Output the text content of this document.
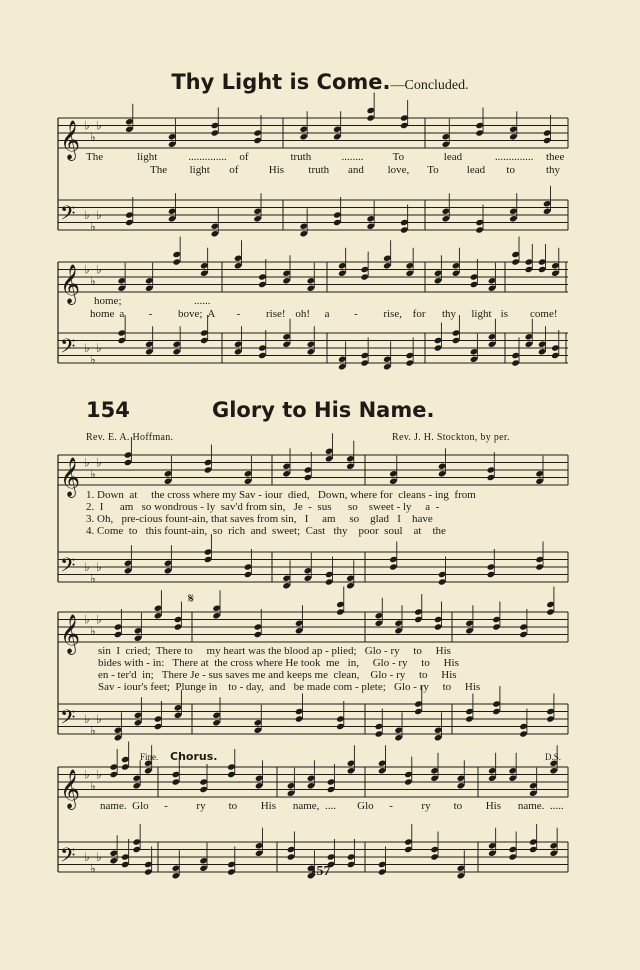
Thy Light is Come.—Concluded.
154	Glory to His Name.
Rev. E. A. Hoffman.	Rev. J. H. Stockton, by per.
𝄞
𝄢
♭
♭
♭
♭
♭
♭
𝄞
𝄢
♭
♭
♭
♭
♭
♭
𝄞
𝄢
♭
♭
♭
♭
♭
♭
𝄞
𝄢
♭
♭
♭
♭
♭
♭
𝄞
𝄢
♭
♭
♭
♭
♭
♭
The	light	.............. of	truth	........	To	lead	.............. thee
The light of	His truth and love, To	lead to	thy
home;	......
home a - bove; A - rise! oh! a - rise, for thy light is come!
1. Down  at     the cross where my Sav - iour  died,   Down, where for  cleans - ing  from
2.  I      am   so wondrous - ly  sav'd from sin,   Je  -  sus      so    sweet - ly     a  -
3. Oh,   pre-cious fount-ain, that saves from sin,   I     am     so    glad   I    have
4. Come  to   this fount-ain,  so  rich  and  sweet;  Cast   thy    poor  soul    at    the
sin  I  cried;  There to     my heart was the blood ap - plied;   Glo - ry     to     His
bides with - in:   There at  the cross where He took  me   in,     Glo - ry     to     His
en - ter'd  in;   There Je - sus saves me and keeps me  clean,    Glo - ry     to     His
Sav - iour's feet;  Plunge in    to - day,  and   be made com - plete;   Glo - ry     to     His
𝄋
Fine. Chorus.	D.S.
name. Glo -	ry to His name, .... Glo -	ry to His name. .....
157
